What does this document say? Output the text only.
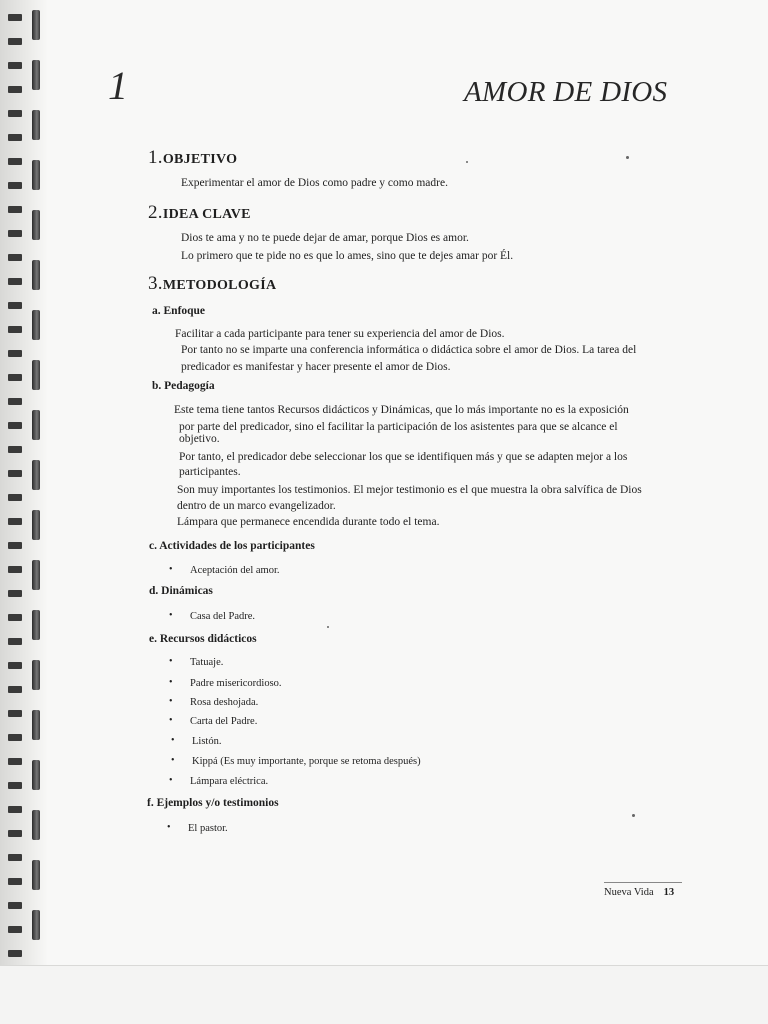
1	AMOR DE DIOS
1.OBJETIVO
Experimentar el amor de Dios como padre y como madre.
2.IDEA CLAVE
Dios te ama y no te puede dejar de amar, porque Dios es amor.
Lo primero que te pide no es que lo ames, sino que te dejes amar por Él.
3.METODOLOGÍA
a. Enfoque
Facilitar a cada participante para tener su experiencia del amor de Dios.
Por tanto no se imparte una conferencia informática o didáctica sobre el amor de Dios. La tarea del
predicador es manifestar y hacer presente el amor de Dios.
b. Pedagogía
Este tema tiene tantos Recursos didácticos y Dinámicas, que lo más importante no es la exposición
por parte del predicador, sino el facilitar la participación de los asistentes para que se alcance el
objetivo.
Por tanto, el predicador debe seleccionar los que se identifiquen más y que se adapten mejor a los
participantes.
Son muy importantes los testimonios. El mejor testimonio es el que muestra la obra salvífica de Dios
dentro de un marco evangelizador.
Lámpara que permanece encendida durante todo el tema.
c. Actividades de los participantes
• Aceptación del amor.
d. Dinámicas
• Casa del Padre.
e. Recursos didácticos
• Tatuaje.
• Padre misericordioso.
• Rosa deshojada.
• Carta del Padre.
• Listón.
• Kippá (Es muy importante, porque se retoma después)
• Lámpara eléctrica.
f. Ejemplos y/o testimonios
• El pastor.
Nueva Vida 13
